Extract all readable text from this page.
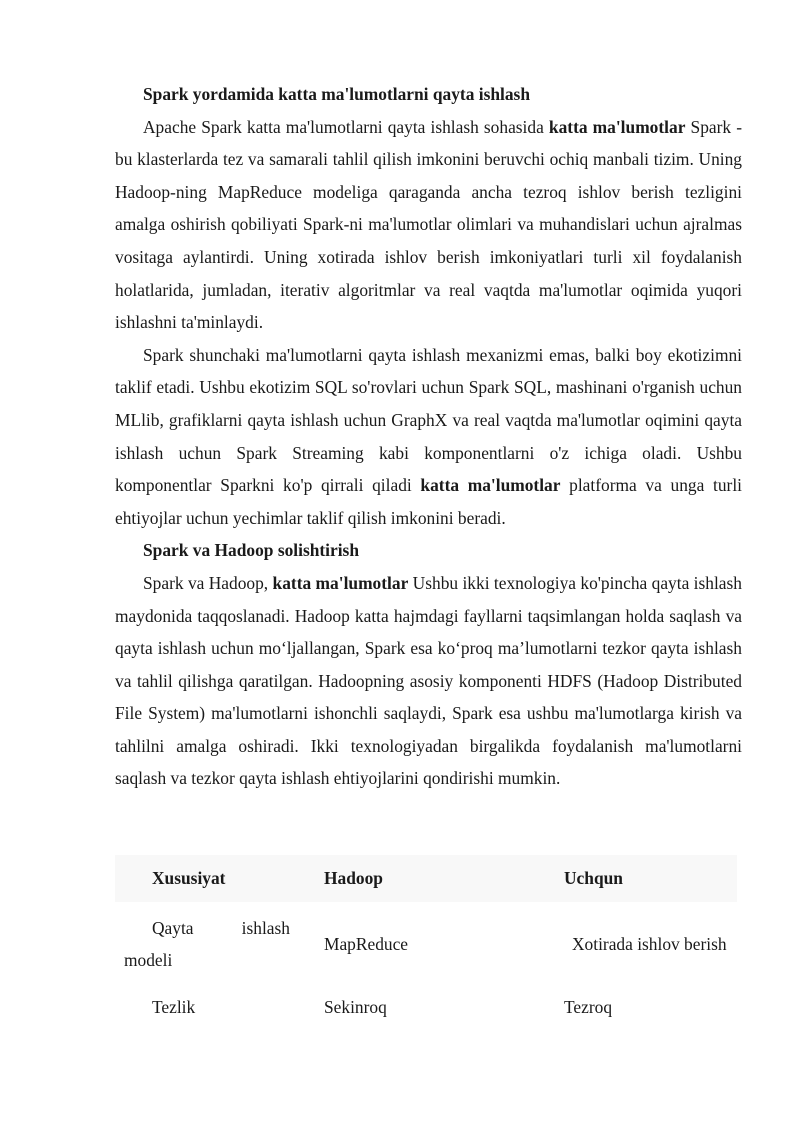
Spark yordamida katta ma'lumotlarni qayta ishlash

Apache Spark katta ma'lumotlarni qayta ishlash sohasida katta ma'lumotlar Spark - bu klasterlarda tez va samarali tahlil qilish imkonini beruvchi ochiq manbali tizim. Uning Hadoop-ning MapReduce modeliga qaraganda ancha tezroq ishlov berish tezligini amalga oshirish qobiliyati Spark-ni ma'lumotlar olimlari va muhandislari uchun ajralmas vositaga aylantirdi. Uning xotirada ishlov berish imkoniyatlari turli xil foydalanish holatlarida, jumladan, iterativ algoritmlar va real vaqtda ma'lumotlar oqimida yuqori ishlashni ta'minlaydi.

Spark shunchaki ma'lumotlarni qayta ishlash mexanizmi emas, balki boy ekotizimni taklif etadi. Ushbu ekotizim SQL so'rovlari uchun Spark SQL, mashinani o'rganish uchun MLlib, grafiklarni qayta ishlash uchun GraphX va real vaqtda ma'lumotlar oqimini qayta ishlash uchun Spark Streaming kabi komponentlarni o'z ichiga oladi. Ushbu komponentlar Sparkni ko'p qirrali qiladi katta ma'lumotlar platforma va unga turli ehtiyojlar uchun yechimlar taklif qilish imkonini beradi.

Spark va Hadoop solishtirish

Spark va Hadoop, katta ma'lumotlar Ushbu ikki texnologiya ko'pincha qayta ishlash maydonida taqqoslanadi. Hadoop katta hajmdagi fayllarni taqsimlangan holda saqlash va qayta ishlash uchun mo‘ljallangan, Spark esa ko‘proq ma’lumotlarni tezkor qayta ishlash va tahlil qilishga qaratilgan. Hadoopning asosiy komponenti HDFS (Hadoop Distributed File System) ma'lumotlarni ishonchli saqlaydi, Spark esa ushbu ma'lumotlarga kirish va tahlilni amalga oshiradi. Ikki texnologiyadan birgalikda foydalanish ma'lumotlarni saqlash va tezkor qayta ishlash ehtiyojlarini qondirishi mumkin.

Xususiyat	Hadoop	Uchqun
Qayta ishlash modeli	MapReduce	Xotirada ishlov berish
Tezlik	Sekinroq	Tezroq
